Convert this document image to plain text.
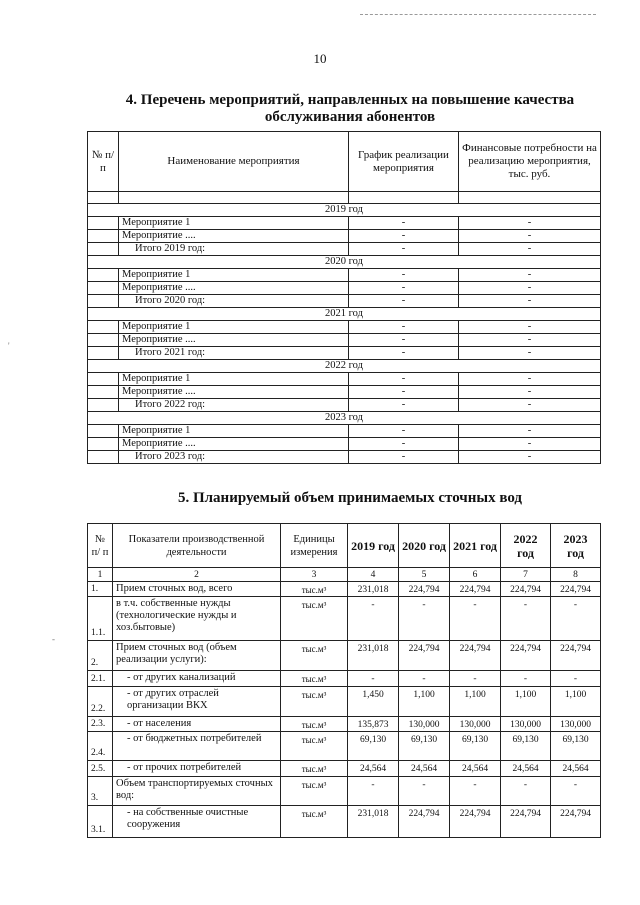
10
'
-
4. Перечень мероприятий, направленных на повышение качества
обслуживания абонентов
№ п/п	Наименование мероприятия	График реализации мероприятия	Финансовые потребности на реализацию мероприятия, тыс. руб.

2019 год			
	Мероприятие 1	-	-
	Мероприятие ....	-	-
	Итого 2019 год:	-	-
2020 год			
	Мероприятие 1	-	-
	Мероприятие ....	-	-
	Итого 2020 год:	-	-
2021 год			
	Мероприятие 1	-	-
	Мероприятие ....	-	-
	Итого 2021 год:	-	-
2022 год			
	Мероприятие 1	-	-
	Мероприятие ....	-	-
	Итого 2022 год:	-	-
2023 год			
	Мероприятие 1	-	-
	Мероприятие ....	-	-
	Итого 2023 год:	-	-
5. Планируемый объем принимаемых сточных вод
№ п/ п	Показатели производственной деятельности	Единицы измерения	2019 год	2020 год	2021 год	2022 год	2023 год
1	2	3	4	5	6	7	8
1.	Прием сточных вод, всего	тыс.м³	231,018	224,794	224,794	224,794	224,794
1.1.	в т.ч. собственные нужды (технологические нужды и хоз.бытовые)	тыс.м³	-	-	-	-	-
2.	Прием сточных вод (объем реализации услуги):	тыс.м³	231,018	224,794	224,794	224,794	224,794
2.1.	- от других канализаций	тыс.м³	-	-	-	-	-
2.2.	- от других отраслей организации ВКХ	тыс.м³	1,450	1,100	1,100	1,100	1,100
2.3.	- от населения	тыс.м³	135,873	130,000	130,000	130,000	130,000
2.4.	- от бюджетных потребителей	тыс.м³	69,130	69,130	69,130	69,130	69,130
2.5.	- от прочих потребителей	тыс.м³	24,564	24,564	24,564	24,564	24,564
3.	Объем транспортируемых сточных вод:	тыс.м³	-	-	-	-	-
3.1.	- на собственные очистные сооружения	тыс.м³	231,018	224,794	224,794	224,794	224,794
